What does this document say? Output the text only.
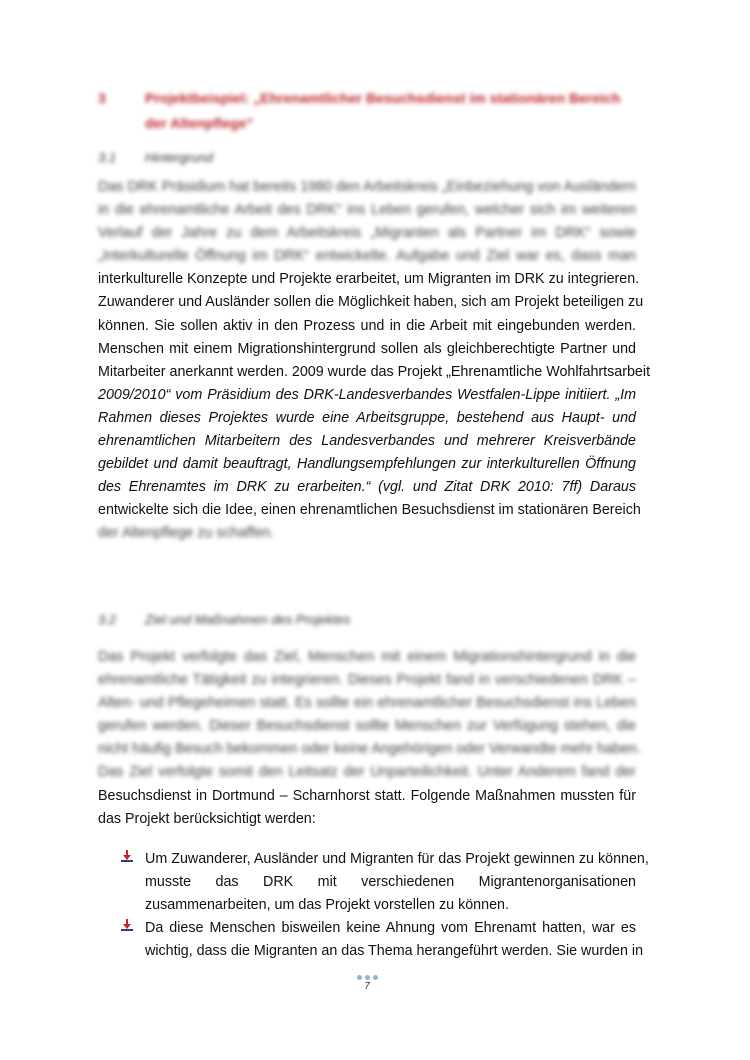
3	Projektbeispiel: „Ehrenamtlicher Besuchsdienst im stationären Bereich der Altenpflege“
3.1 Hintergrund
Das DRK Präsidium hat bereits 1980 den Arbeitskreis „Einbeziehung von Ausländern
in die ehrenamtliche Arbeit des DRK“ ins Leben gerufen, welcher sich im weiteren
Verlauf der Jahre zu dem Arbeitskreis „Migranten als Partner im DRK“ sowie
„Interkulturelle Öffnung im DRK“ entwickelte. Aufgabe und Ziel war es, dass man
interkulturelle Konzepte und Projekte erarbeitet, um Migranten im DRK zu integrieren.
Zuwanderer und Ausländer sollen die Möglichkeit haben, sich am Projekt beteiligen zu
können. Sie sollen aktiv in den Prozess und in die Arbeit mit eingebunden werden.
Menschen mit einem Migrationshintergrund sollen als gleichberechtigte Partner und
Mitarbeiter anerkannt werden. 2009 wurde das Projekt „Ehrenamtliche Wohlfahrtsarbeit
2009/2010“ vom Präsidium des DRK-Landesverbandes Westfalen-Lippe initiiert. „Im
Rahmen dieses Projektes wurde eine Arbeitsgruppe, bestehend aus Haupt- und
ehrenamtlichen Mitarbeitern des Landesverbandes und mehrerer Kreisverbände
gebildet und damit beauftragt, Handlungsempfehlungen zur interkulturellen Öffnung
des Ehrenamtes im DRK zu erarbeiten.“ (vgl. und Zitat DRK 2010: 7ff) Daraus
entwickelte sich die Idee, einen ehrenamtlichen Besuchsdienst im stationären Bereich
der Altenpflege zu schaffen.
3.2 Ziel und Maßnahmen des Projektes
Das Projekt verfolgte das Ziel, Menschen mit einem Migrationshintergrund in die
ehrenamtliche Tätigkeit zu integrieren. Dieses Projekt fand in verschiedenen DRK –
Alten- und Pflegeheimen statt. Es sollte ein ehrenamtlicher Besuchsdienst ins Leben
gerufen werden. Dieser Besuchsdienst sollte Menschen zur Verfügung stehen, die
nicht häufig Besuch bekommen oder keine Angehörigen oder Verwandte mehr haben.
Das Ziel verfolgte somit den Leitsatz der Unparteilichkeit. Unter Anderem fand der
Besuchsdienst in Dortmund – Scharnhorst statt. Folgende Maßnahmen mussten für
das Projekt berücksichtigt werden:
Um Zuwanderer, Ausländer und Migranten für das Projekt gewinnen zu können,
musste das DRK mit verschiedenen Migrantenorganisationen
zusammenarbeiten, um das Projekt vorstellen zu können.
Da diese Menschen bisweilen keine Ahnung vom Ehrenamt hatten, war es
wichtig, dass die Migranten an das Thema herangeführt werden. Sie wurden in
7
